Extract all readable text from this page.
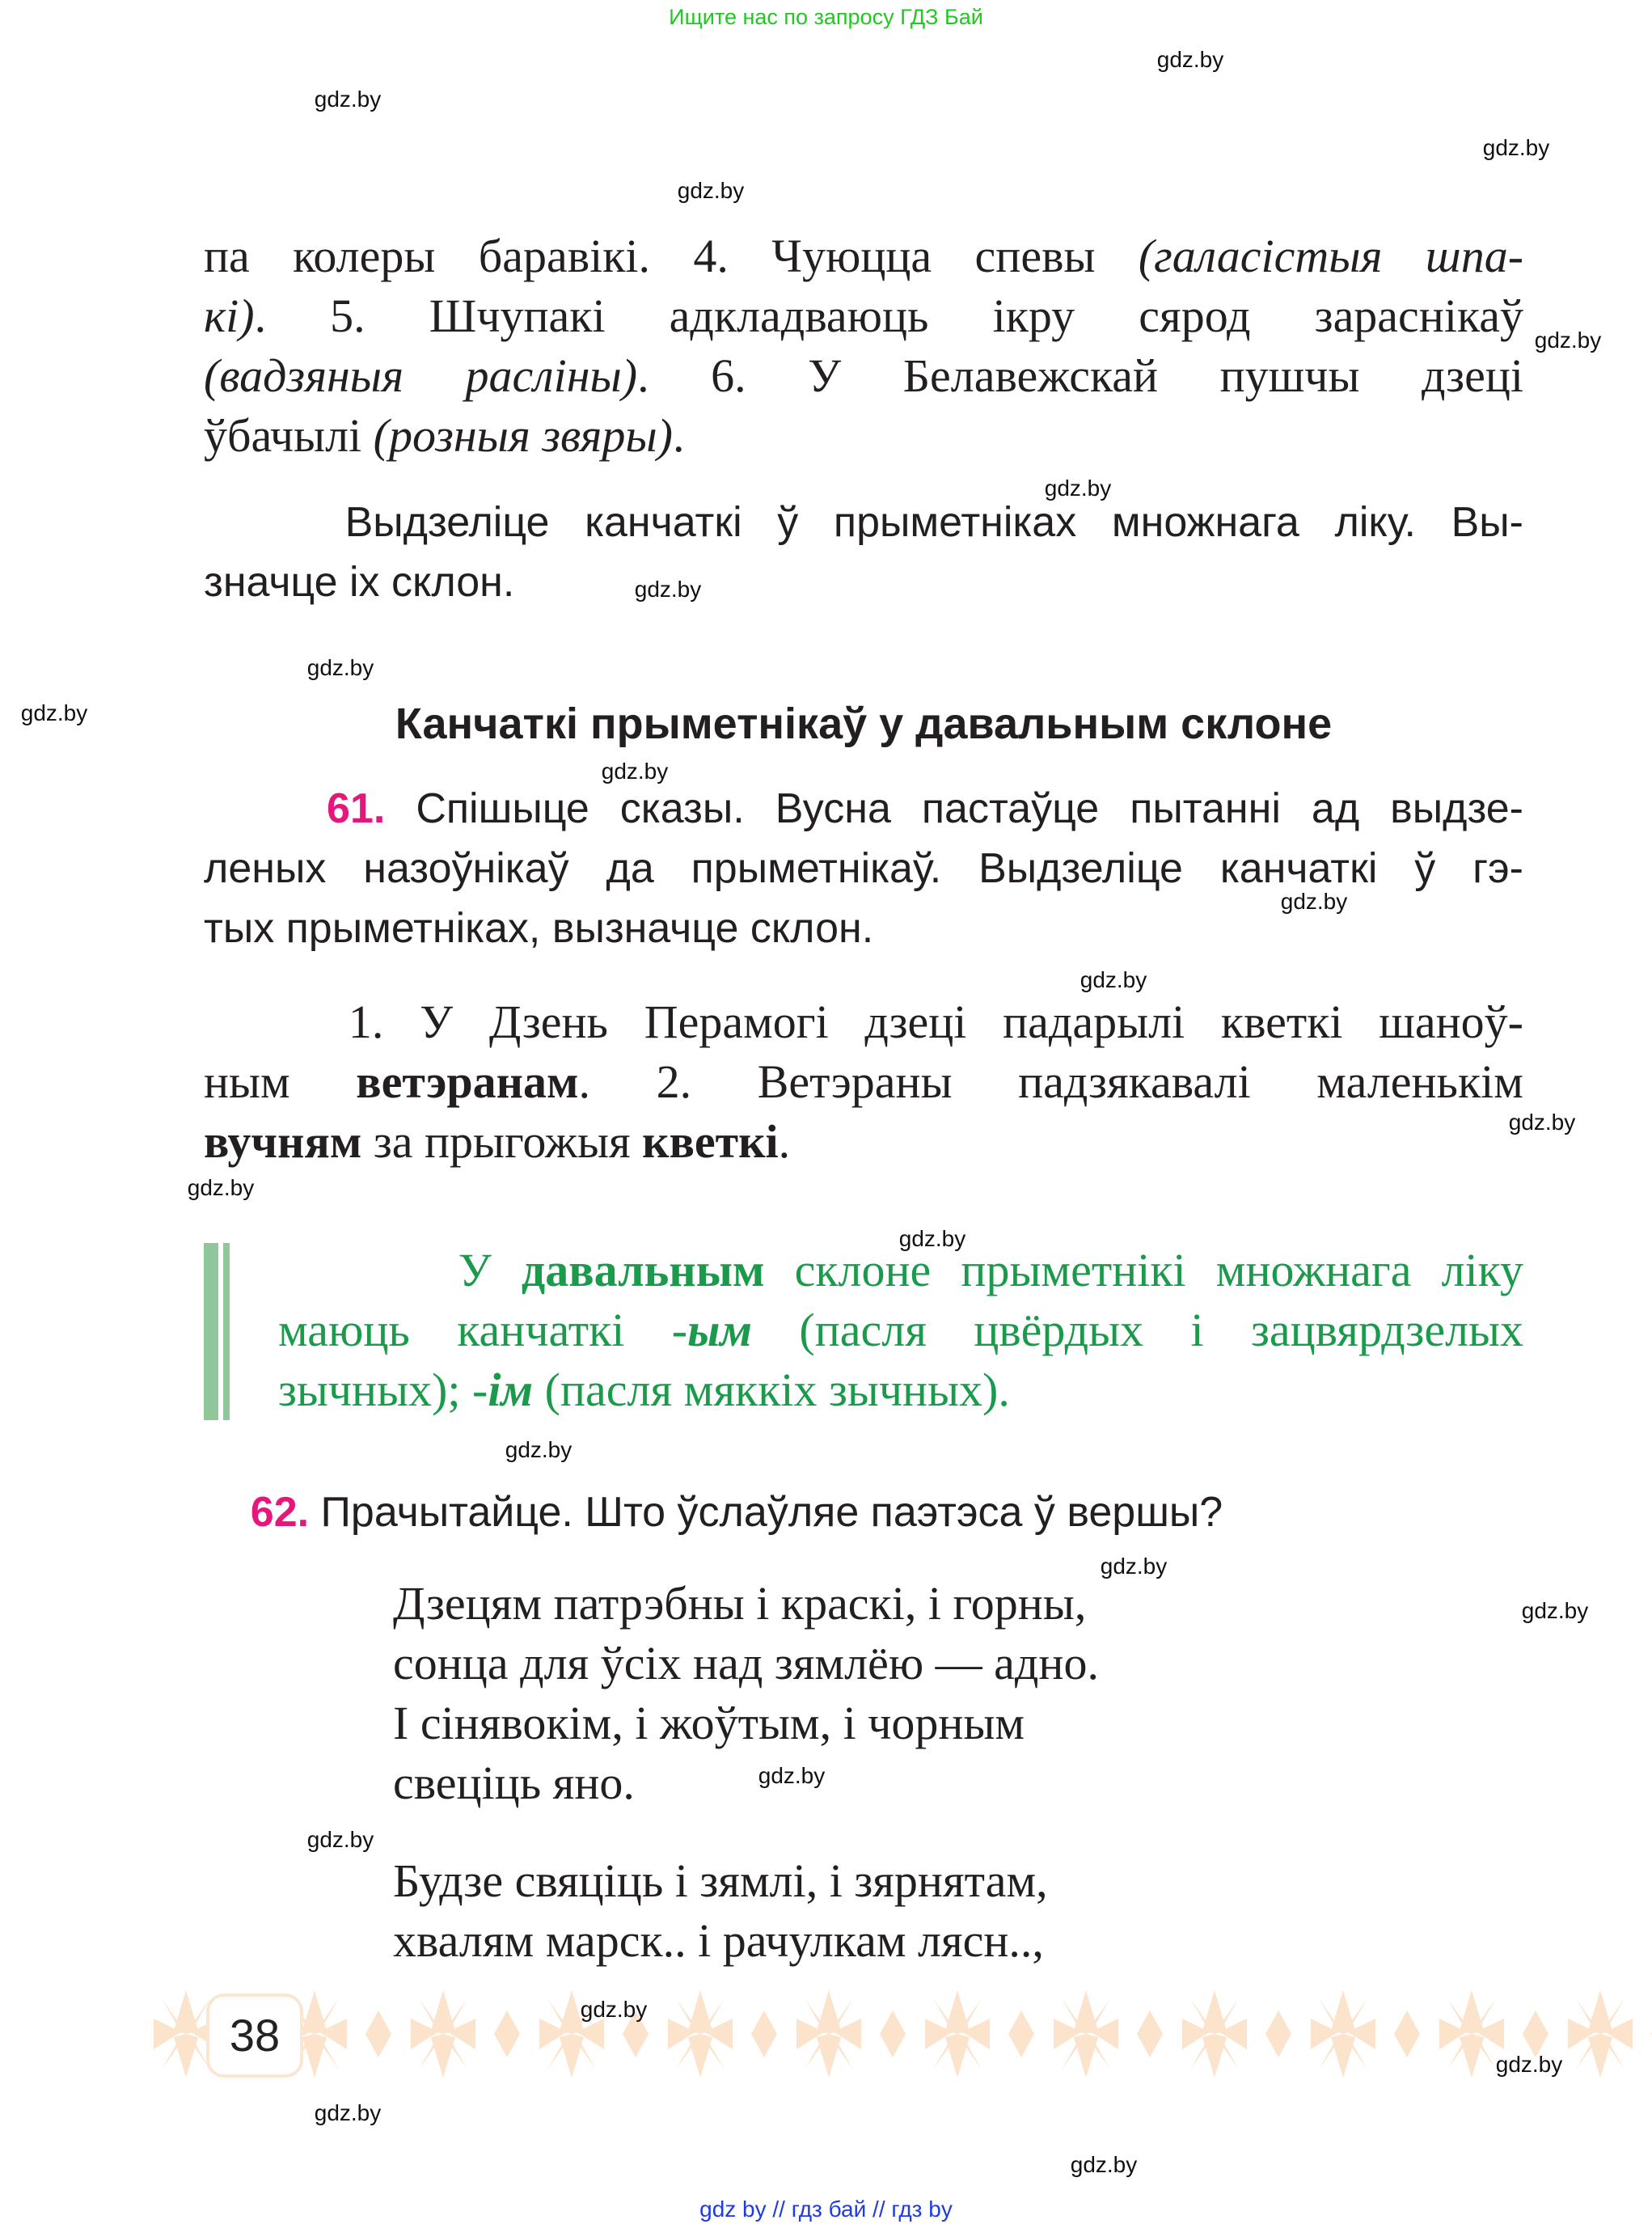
Ищите нас по запросу ГДЗ Бай
Канчаткі прыметнікаў у давальным склоне
па колеры баравікі. 4. Чуюцца спевы (галасістыя шпа-
кі). 5. Шчупакі адкладваюць ікру сярод зараснікаў
(вадзяныя расліны). 6. У Белавежскай пушчы дзеці
ўбачылі (розныя звяры).
Выдзеліце канчаткі ў прыметніках множнага ліку. Вы-
значце іх склон.
61. Спішыце сказы. Вусна пастаўце пытанні ад выдзе-
леных назоўнікаў да прыметнікаў. Выдзеліце канчаткі ў гэ-
тых прыметніках, вызначце склон.
1. У Дзень Перамогі дзеці падарылі кветкі шаноў-
ным ветэранам. 2. Ветэраны падзякавалі маленькім
вучням за прыгожыя кветкі.
У давальным склоне прыметнікі множнага ліку
маюць канчаткі -ым (пасля цвёрдых і зацвярдзелых
зычных); -ім (пасля мяккіх зычных).
62. Прачытайце. Што ўслаўляе паэтэса ў вершы?
Дзецям патрэбны і краскі, і горны,
сонца для ўсіх над зямлёю — адно.
І сінявокім, і жоўтым, і чорным
свеціць яно.
Будзе свяціць і зямлі, і зярнятам,
хвалям марск.. і рачулкам лясн..,
38
gdz.by
gdz.by
gdz.by
gdz.by
gdz.by
gdz.by
gdz.by
gdz.by
gdz.by
gdz.by
gdz.by
gdz.by
gdz.by
gdz.by
gdz.by
gdz.by
gdz.by
gdz.by
gdz.by
gdz.by
gdz.by
gdz.by
gdz.by
gdz.by
gdz by // гдз бай // гдз by
